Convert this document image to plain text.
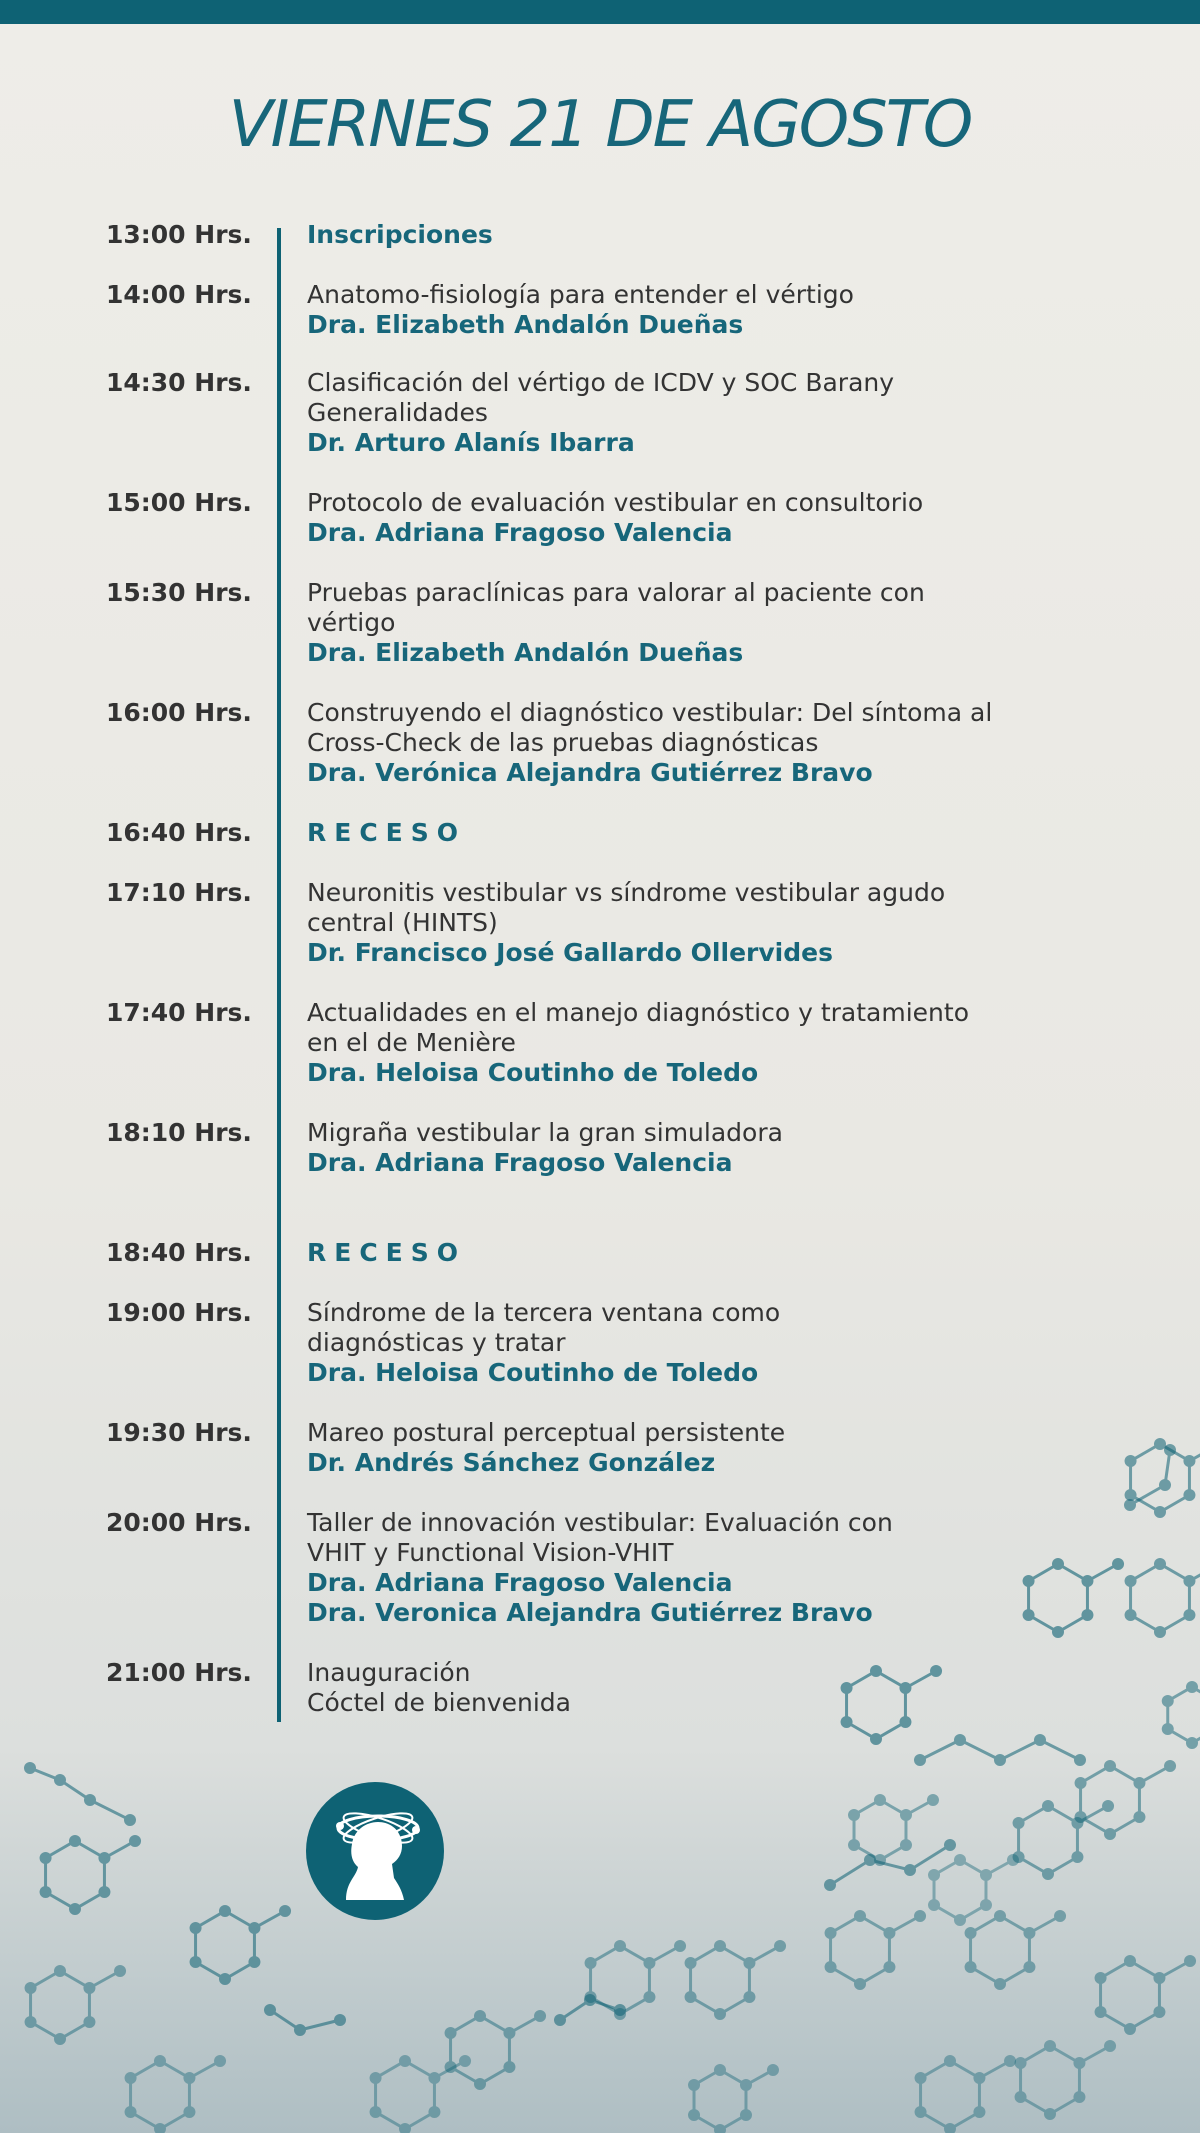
VIERNES 21 DE AGOSTO
13:00 Hrs.	Inscripciones
14:00 Hrs.	Anatomo-fisiología para entender el vértigo
Dra. Elizabeth Andalón Dueñas
14:30 Hrs.	Clasificación del vértigo de ICDV y SOC Barany
Generalidades
Dr. Arturo Alanís Ibarra
15:00 Hrs.	Protocolo de evaluación vestibular en consultorio
Dra. Adriana Fragoso Valencia
15:30 Hrs.	Pruebas paraclínicas para valorar al paciente con
vértigo
Dra. Elizabeth Andalón Dueñas
16:00 Hrs.	Construyendo el diagnóstico vestibular: Del síntoma al
Cross-Check de las pruebas diagnósticas
Dra. Verónica Alejandra Gutiérrez Bravo
16:40 Hrs.	RECESO
17:10 Hrs.	Neuronitis vestibular vs síndrome vestibular agudo
central (HINTS)
Dr. Francisco José Gallardo Ollervides
17:40 Hrs.	Actualidades en el manejo diagnóstico y tratamiento
en el de Menière
Dra. Heloisa Coutinho de Toledo
18:10 Hrs.	Migraña vestibular la gran simuladora
Dra. Adriana Fragoso Valencia
18:40 Hrs.	RECESO
19:00 Hrs.	Síndrome de la tercera ventana como
diagnósticas y tratar
Dra. Heloisa Coutinho de Toledo
19:30 Hrs.	Mareo postural perceptual persistente
Dr. Andrés Sánchez González
20:00 Hrs.	Taller de innovación vestibular: Evaluación con
VHIT y Functional Vision-VHIT
Dra. Adriana Fragoso Valencia
Dra. Veronica Alejandra Gutiérrez Bravo
21:00 Hrs.	Inauguración
Cóctel de bienvenida
